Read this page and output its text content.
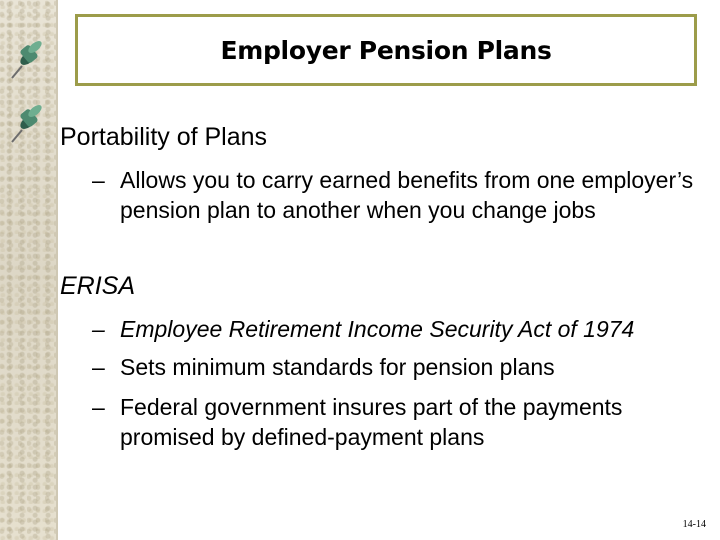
Employer Pension Plans
Portability of Plans
– Allows you to carry earned benefits from one employer’s pension plan to another when you change jobs
ERISA
– Employee Retirement Income Security Act of 1974
– Sets minimum standards for pension plans
– Federal government insures part of the payments promised by defined-payment plans
14-14
